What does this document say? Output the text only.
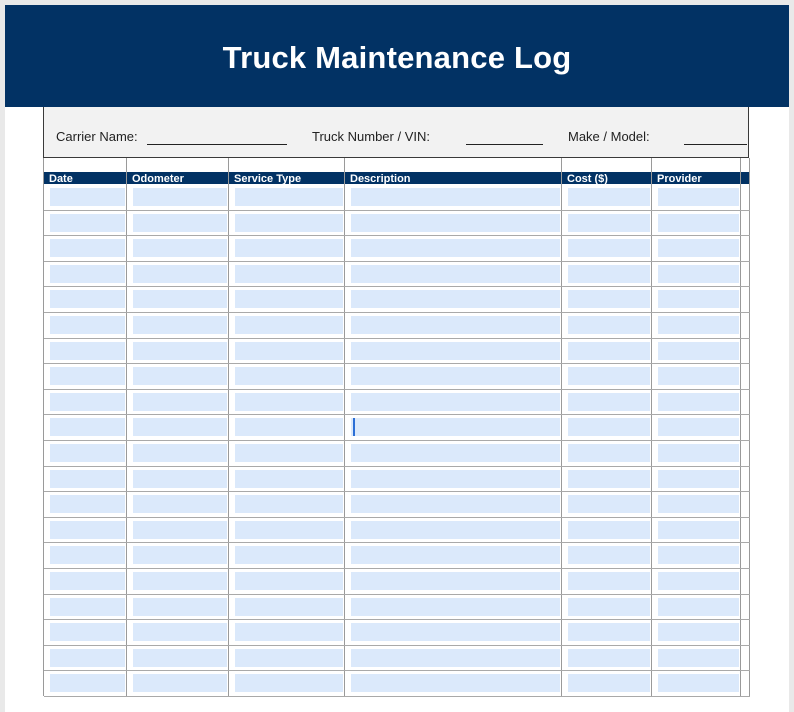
Truck Maintenance Log
Carrier Name:	Truck Number / VIN:	Make / Model:
Date	Odometer	Service Type	Description	Cost ($)	Provider
